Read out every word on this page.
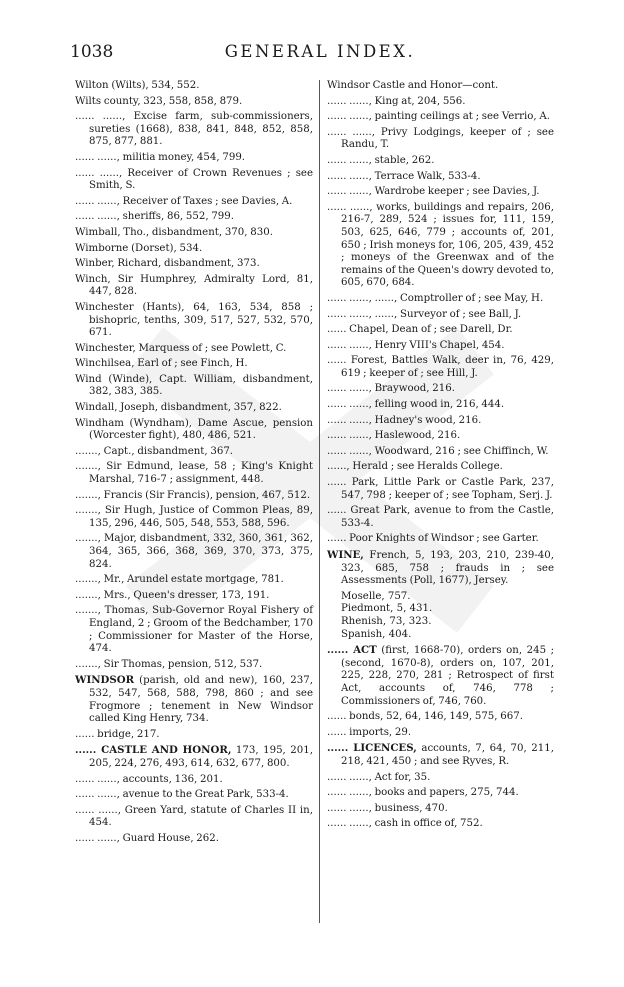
1038	GENERAL INDEX.

Wilton (Wilts), 534, 552.

Wilts county, 323, 558, 858, 879.

...... ......, Excise farm, sub-commissioners, sureties (1668), 838, 841, 848, 852, 858, 875, 877, 881.

...... ......, militia money, 454, 799.

...... ......, Receiver of Crown Revenues ; see Smith, S.

...... ......, Receiver of Taxes ; see Davies, A.

...... ......, sheriffs, 86, 552, 799.

Wimball, Tho., disbandment, 370, 830.

Wimborne (Dorset), 534.

Winber, Richard, disbandment, 373.

Winch, Sir Humphrey, Admiralty Lord, 81, 447, 828.

Winchester (Hants), 64, 163, 534, 858 ; bishopric, tenths, 309, 517, 527, 532, 570, 671.

Winchester, Marquess of ; see Powlett, C.

Winchilsea, Earl of ; see Finch, H.

Wind (Winde), Capt. William, disbandment, 382, 383, 385.

Windall, Joseph, disbandment, 357, 822.

Windham (Wyndham), Dame Ascue, pension (Worcester fight), 480, 486, 521.

......., Capt., disbandment, 367.

......., Sir Edmund, lease, 58 ; King's Knight Marshal, 716-7 ; assignment, 448.

......., Francis (Sir Francis), pension, 467, 512.

......., Sir Hugh, Justice of Common Pleas, 89, 135, 296, 446, 505, 548, 553, 588, 596.

......., Major, disbandment, 332, 360, 361, 362, 364, 365, 366, 368, 369, 370, 373, 375, 824.

......., Mr., Arundel estate mortgage, 781.

......., Mrs., Queen's dresser, 173, 191.

......., Thomas, Sub-Governor Royal Fishery of England, 2 ; Groom of the Bedchamber, 170 ; Commissioner for Master of the Horse, 474.

......., Sir Thomas, pension, 512, 537.

WINDSOR (parish, old and new), 160, 237, 532, 547, 568, 588, 798, 860 ; and see Frogmore ; tenement in New Windsor called King Henry, 734.

...... bridge, 217.

...... CASTLE AND HONOR, 173, 195, 201, 205, 224, 276, 493, 614, 632, 677, 800.

...... ......, accounts, 136, 201.

...... ......, avenue to the Great Park, 533-4.

...... ......, Green Yard, statute of Charles II in, 454.

...... ......, Guard House, 262.

Windsor Castle and Honor—cont.

...... ......, King at, 204, 556.

...... ......, painting ceilings at ; see Verrio, A.

...... ......, Privy Lodgings, keeper of ; see Randu, T.

...... ......, stable, 262.

...... ......, Terrace Walk, 533-4.

...... ......, Wardrobe keeper ; see Davies, J.

...... ......, works, buildings and repairs, 206, 216-7, 289, 524 ; issues for, 111, 159, 503, 625, 646, 779 ; accounts of, 201, 650 ; Irish moneys for, 106, 205, 439, 452 ; moneys of the Greenwax and of the remains of the Queen's dowry devoted to, 605, 670, 684.

...... ......, ......, Comptroller of ; see May, H.

...... ......, ......, Surveyor of ; see Ball, J.

...... Chapel, Dean of ; see Darell, Dr.

...... ......, Henry VIII's Chapel, 454.

...... Forest, Battles Walk, deer in, 76, 429, 619 ; keeper of ; see Hill, J.

...... ......, Braywood, 216.

...... ......, felling wood in, 216, 444.

...... ......, Hadney's wood, 216.

...... ......, Haslewood, 216.

...... ......, Woodward, 216 ; see Chiffinch, W.

......, Herald ; see Heralds College.

...... Park, Little Park or Castle Park, 237, 547, 798 ; keeper of ; see Topham, Serj. J.

...... Great Park, avenue to from the Castle, 533-4.

...... Poor Knights of Windsor ; see Garter.

WINE, French, 5, 193, 203, 210, 239-40, 323, 685, 758 ; frauds in ; see Assessments (Poll, 1677), Jersey.

Moselle, 757.
Piedmont, 5, 431.
Rhenish, 73, 323.
Spanish, 404.

...... ACT (first, 1668-70), orders on, 245 ; (second, 1670-8), orders on, 107, 201, 225, 228, 270, 281 ; Retrospect of first Act, accounts of, 746, 778 ; Commissioners of, 746, 760.

...... bonds, 52, 64, 146, 149, 575, 667.

...... imports, 29.

...... LICENCES, accounts, 7, 64, 70, 211, 218, 421, 450 ; and see Ryves, R.

...... ......, Act for, 35.

...... ......, books and papers, 275, 744.

...... ......, business, 470.

...... ......, cash in office of, 752.
